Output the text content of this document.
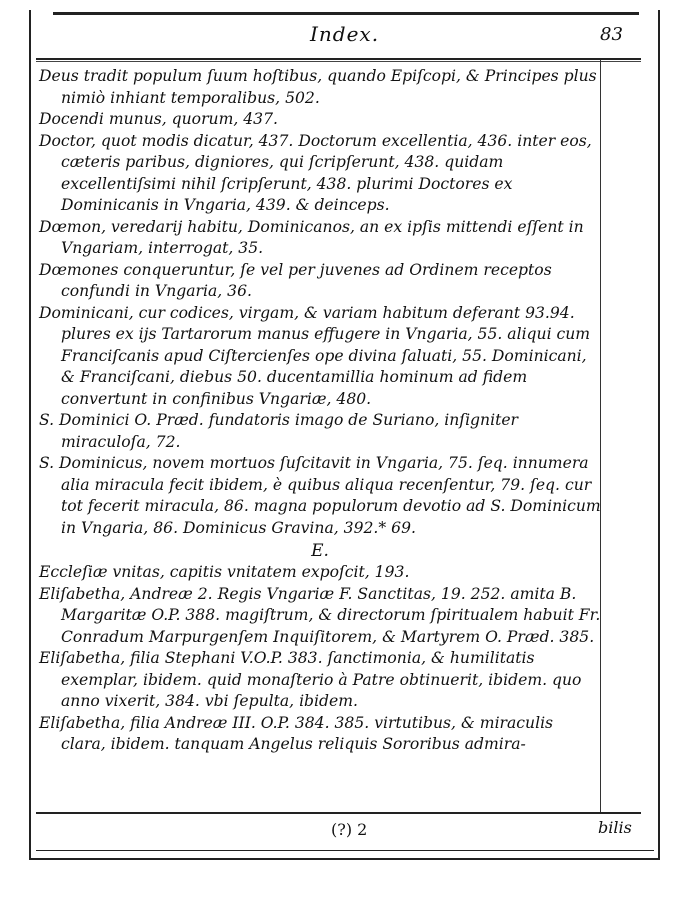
Index.	83

Deus tradit populum ſuum hoſtibus, quando Epiſcopi, & Principes plus nimiò inhiant temporalibus, 502.

Docendi munus, quorum, 437.

Doctor, quot modis dicatur, 437. Doctorum excellentia, 436. inter eos, cæteris paribus, digniores, qui ſcripſerunt, 438. quidam excellentiſsimi nihil ſcripſerunt, 438. plurimi Doctores ex Dominicanis in Vngaria, 439. & deinceps.

Dœmon, veredarij habitu, Dominicanos, an ex ipſis mittendi eſſent in Vngariam, interrogat, 35.

Dœmones conqueruntur, ſe vel per juvenes ad Ordinem receptos confundi in Vngaria, 36.

Dominicani, cur codices, virgam, & variam habitum deferant 93.94. plures ex ijs Tartarorum manus effugere in Vngaria, 55. aliqui cum Franciſcanis apud Ciſtercienſes ope divina ſaluati, 55. Dominicani, & Franciſcani, diebus 50. ducentamillia hominum ad fidem convertunt in confinibus Vngariæ, 480.

S. Dominici O. Præd. fundatoris imago de Suriano, inſigniter miraculoſa, 72.

S. Dominicus, novem mortuos ſuſcitavit in Vngaria, 75. ſeq. innumera alia miracula fecit ibidem, è quibus aliqua recenſentur, 79. ſeq. cur tot fecerit miracula, 86. magna populorum devotio ad S. Dominicum in Vngaria, 86. Dominicus Gravina, 392.* 69.

E.

Eccleſiæ vnitas, capitis vnitatem expoſcit, 193.

Eliſabetha, Andreæ 2. Regis Vngariæ F. Sanctitas, 19. 252. amita B. Margaritæ O.P. 388. magiſtrum, & directorum ſpiritualem habuit Fr. Conradum Marpurgenſem Inquiſitorem, & Martyrem O. Præd. 385.

Eliſabetha, filia Stephani V.O.P. 383. ſanctimonia, & humilitatis exemplar, ibidem. quid monaſterio à Patre obtinuerit, ibidem. quo anno vixerit, 384. vbi ſepulta, ibidem.

Eliſabetha, filia Andreæ III. O.P. 384. 385. virtutibus, & miraculis clara, ibidem. tanquam Angelus reliquis Sororibus admira-

(?) 2	bilis
